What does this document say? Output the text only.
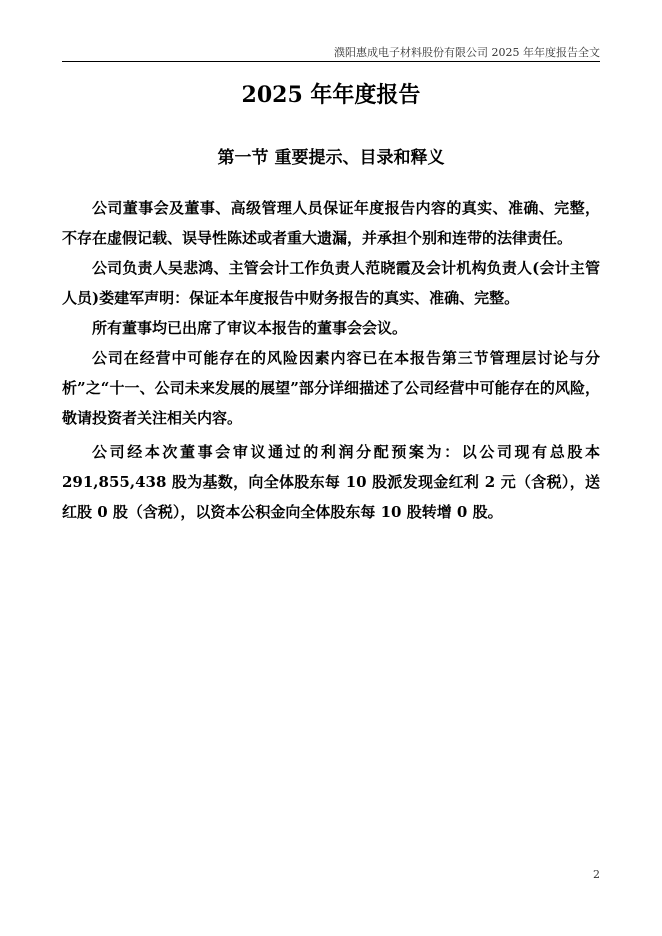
濮阳惠成电子材料股份有限公司 2025 年年度报告全文
2025 年年度报告
第一节 重要提示、目录和释义

公司董事会及董事、高级管理人员保证年度报告内容的真实、准确、完整，不存在虚假记载、误导性陈述或者重大遗漏，并承担个别和连带的法律责任。

公司负责人吴悲鸿、主管会计工作负责人范晓霞及会计机构负责人(会计主管人员)娄建军声明：保证本年度报告中财务报告的真实、准确、完整。

所有董事均已出席了审议本报告的董事会会议。

公司在经营中可能存在的风险因素内容已在本报告第三节管理层讨论与分析”之“十一、公司未来发展的展望”部分详细描述了公司经营中可能存在的风险，敬请投资者关注相关内容。

公司经本次董事会审议通过的利润分配预案为：以公司现有总股本291,855,438 股为基数，向全体股东每 10 股派发现金红利 2 元（含税），送红股 0 股（含税），以资本公积金向全体股东每 10 股转增 0 股。

2
